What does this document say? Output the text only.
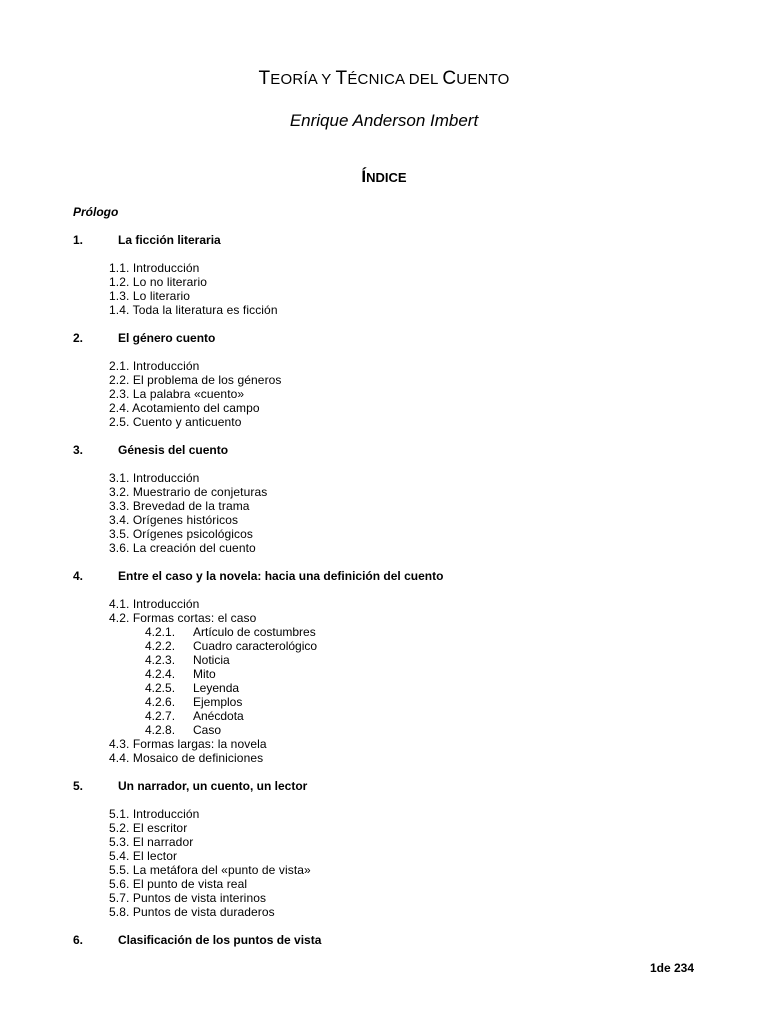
TEORÍA Y TÉCNICA DEL CUENTO
Enrique Anderson Imbert
ÍNDICE
Prólogo
1.	La ficción literaria
1.1. Introducción
1.2. Lo no literario
1.3. Lo literario
1.4. Toda la literatura es ficción
2.	El género cuento
2.1. Introducción
2.2. El problema de los géneros
2.3. La palabra «cuento»
2.4. Acotamiento del campo
2.5. Cuento y anticuento
3.	Génesis del cuento
3.1. Introducción
3.2. Muestrario de conjeturas
3.3. Brevedad de la trama
3.4. Orígenes históricos
3.5. Orígenes psicológicos
3.6. La creación del cuento
4.	Entre el caso y la novela: hacia una definición del cuento
4.1. Introducción
4.2. Formas cortas: el caso
4.2.1. Artículo de costumbres
4.2.2. Cuadro caracterológico
4.2.3. Noticia
4.2.4. Mito
4.2.5. Leyenda
4.2.6. Ejemplos
4.2.7. Anécdota
4.2.8. Caso
4.3. Formas largas: la novela
4.4. Mosaico de definiciones
5.	Un narrador, un cuento, un lector
5.1. Introducción
5.2. El escritor
5.3. El narrador
5.4. El lector
5.5. La metáfora del «punto de vista»
5.6. El punto de vista real
5.7. Puntos de vista interinos
5.8. Puntos de vista duraderos
6.	Clasificación de los puntos de vista
1de 234
